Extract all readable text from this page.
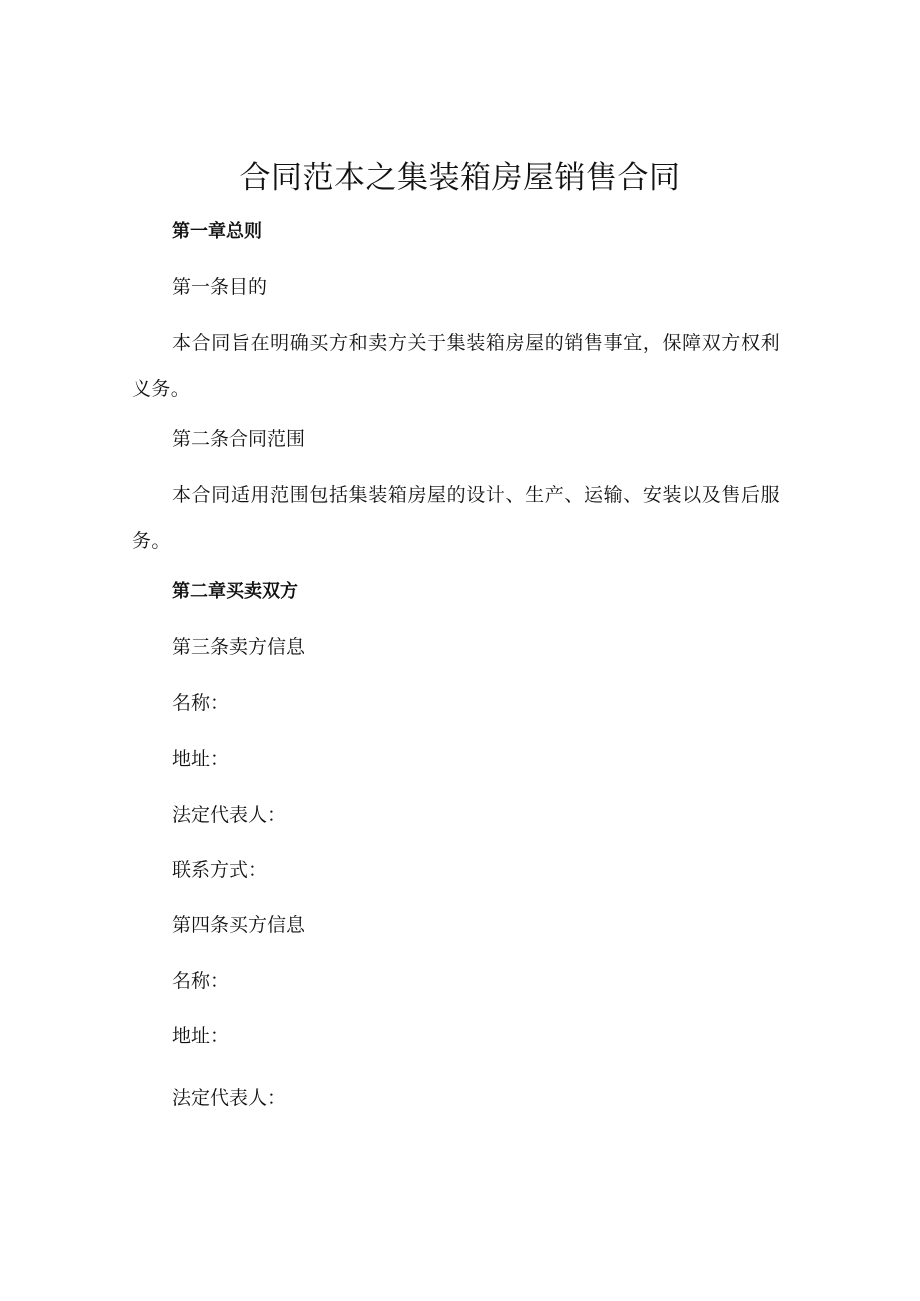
合同范本之集装箱房屋销售合同
第一章总则
第一条目的
本合同旨在明确买方和卖方关于集装箱房屋的销售事宜，保障双方权利义务。
第二条合同范围
本合同适用范围包括集装箱房屋的设计、生产、运输、安装以及售后服务。
第二章买卖双方
第三条卖方信息
名称：
地址：
法定代表人：
联系方式：
第四条买方信息
名称：
地址：
法定代表人：
